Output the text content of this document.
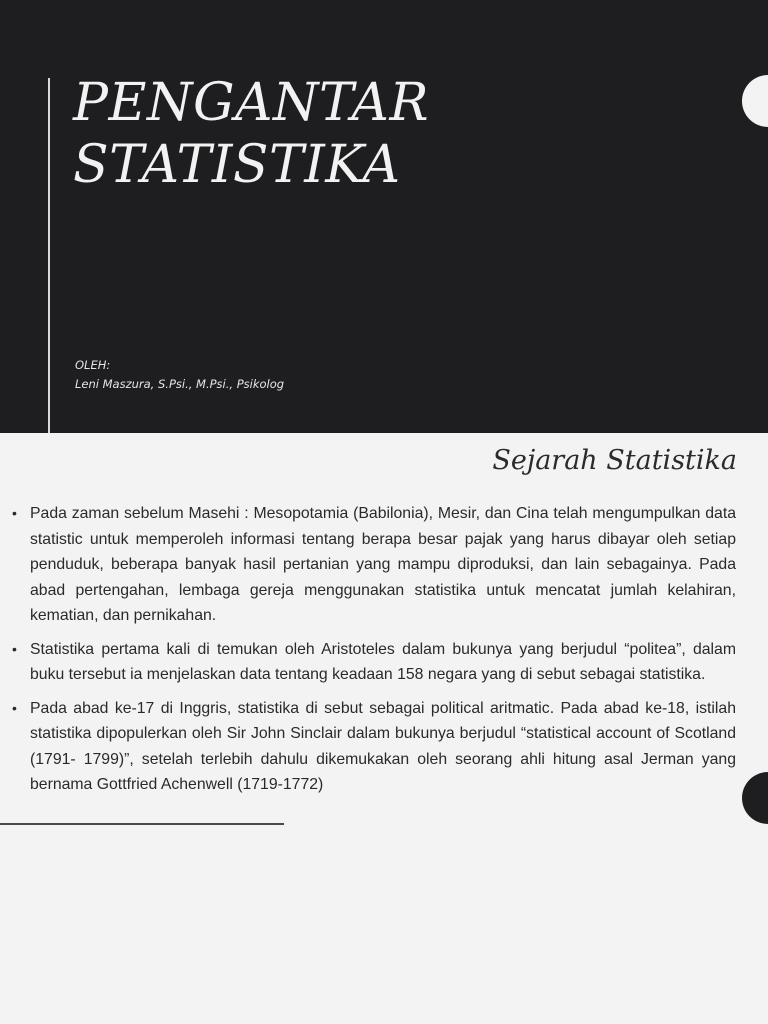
PENGANTAR
STATISTIKA
OLEH:
Leni Maszura, S.Psi., M.Psi., Psikolog
Sejarah Statistika
• Pada zaman sebelum Masehi : Mesopotamia (Babilonia), Mesir, dan Cina telah mengumpulkan data statistic untuk memperoleh informasi tentang berapa besar pajak yang harus dibayar oleh setiap penduduk, beberapa banyak hasil pertanian yang mampu diproduksi, dan lain sebagainya. Pada abad pertengahan, lembaga gereja menggunakan statistika untuk mencatat jumlah kelahiran, kematian, dan pernikahan.
• Statistika pertama kali di temukan oleh Aristoteles dalam bukunya yang berjudul “politea”, dalam buku tersebut ia menjelaskan data tentang keadaan 158 negara yang di sebut sebagai statistika.
• Pada abad ke-17 di Inggris, statistika di sebut sebagai political aritmatic. Pada abad ke-18, istilah statistika dipopulerkan oleh Sir John Sinclair dalam bukunya berjudul “statistical account of Scotland (1791- 1799)”, setelah terlebih dahulu dikemukakan oleh seorang ahli hitung asal Jerman yang bernama Gottfried Achenwell (1719-1772)
